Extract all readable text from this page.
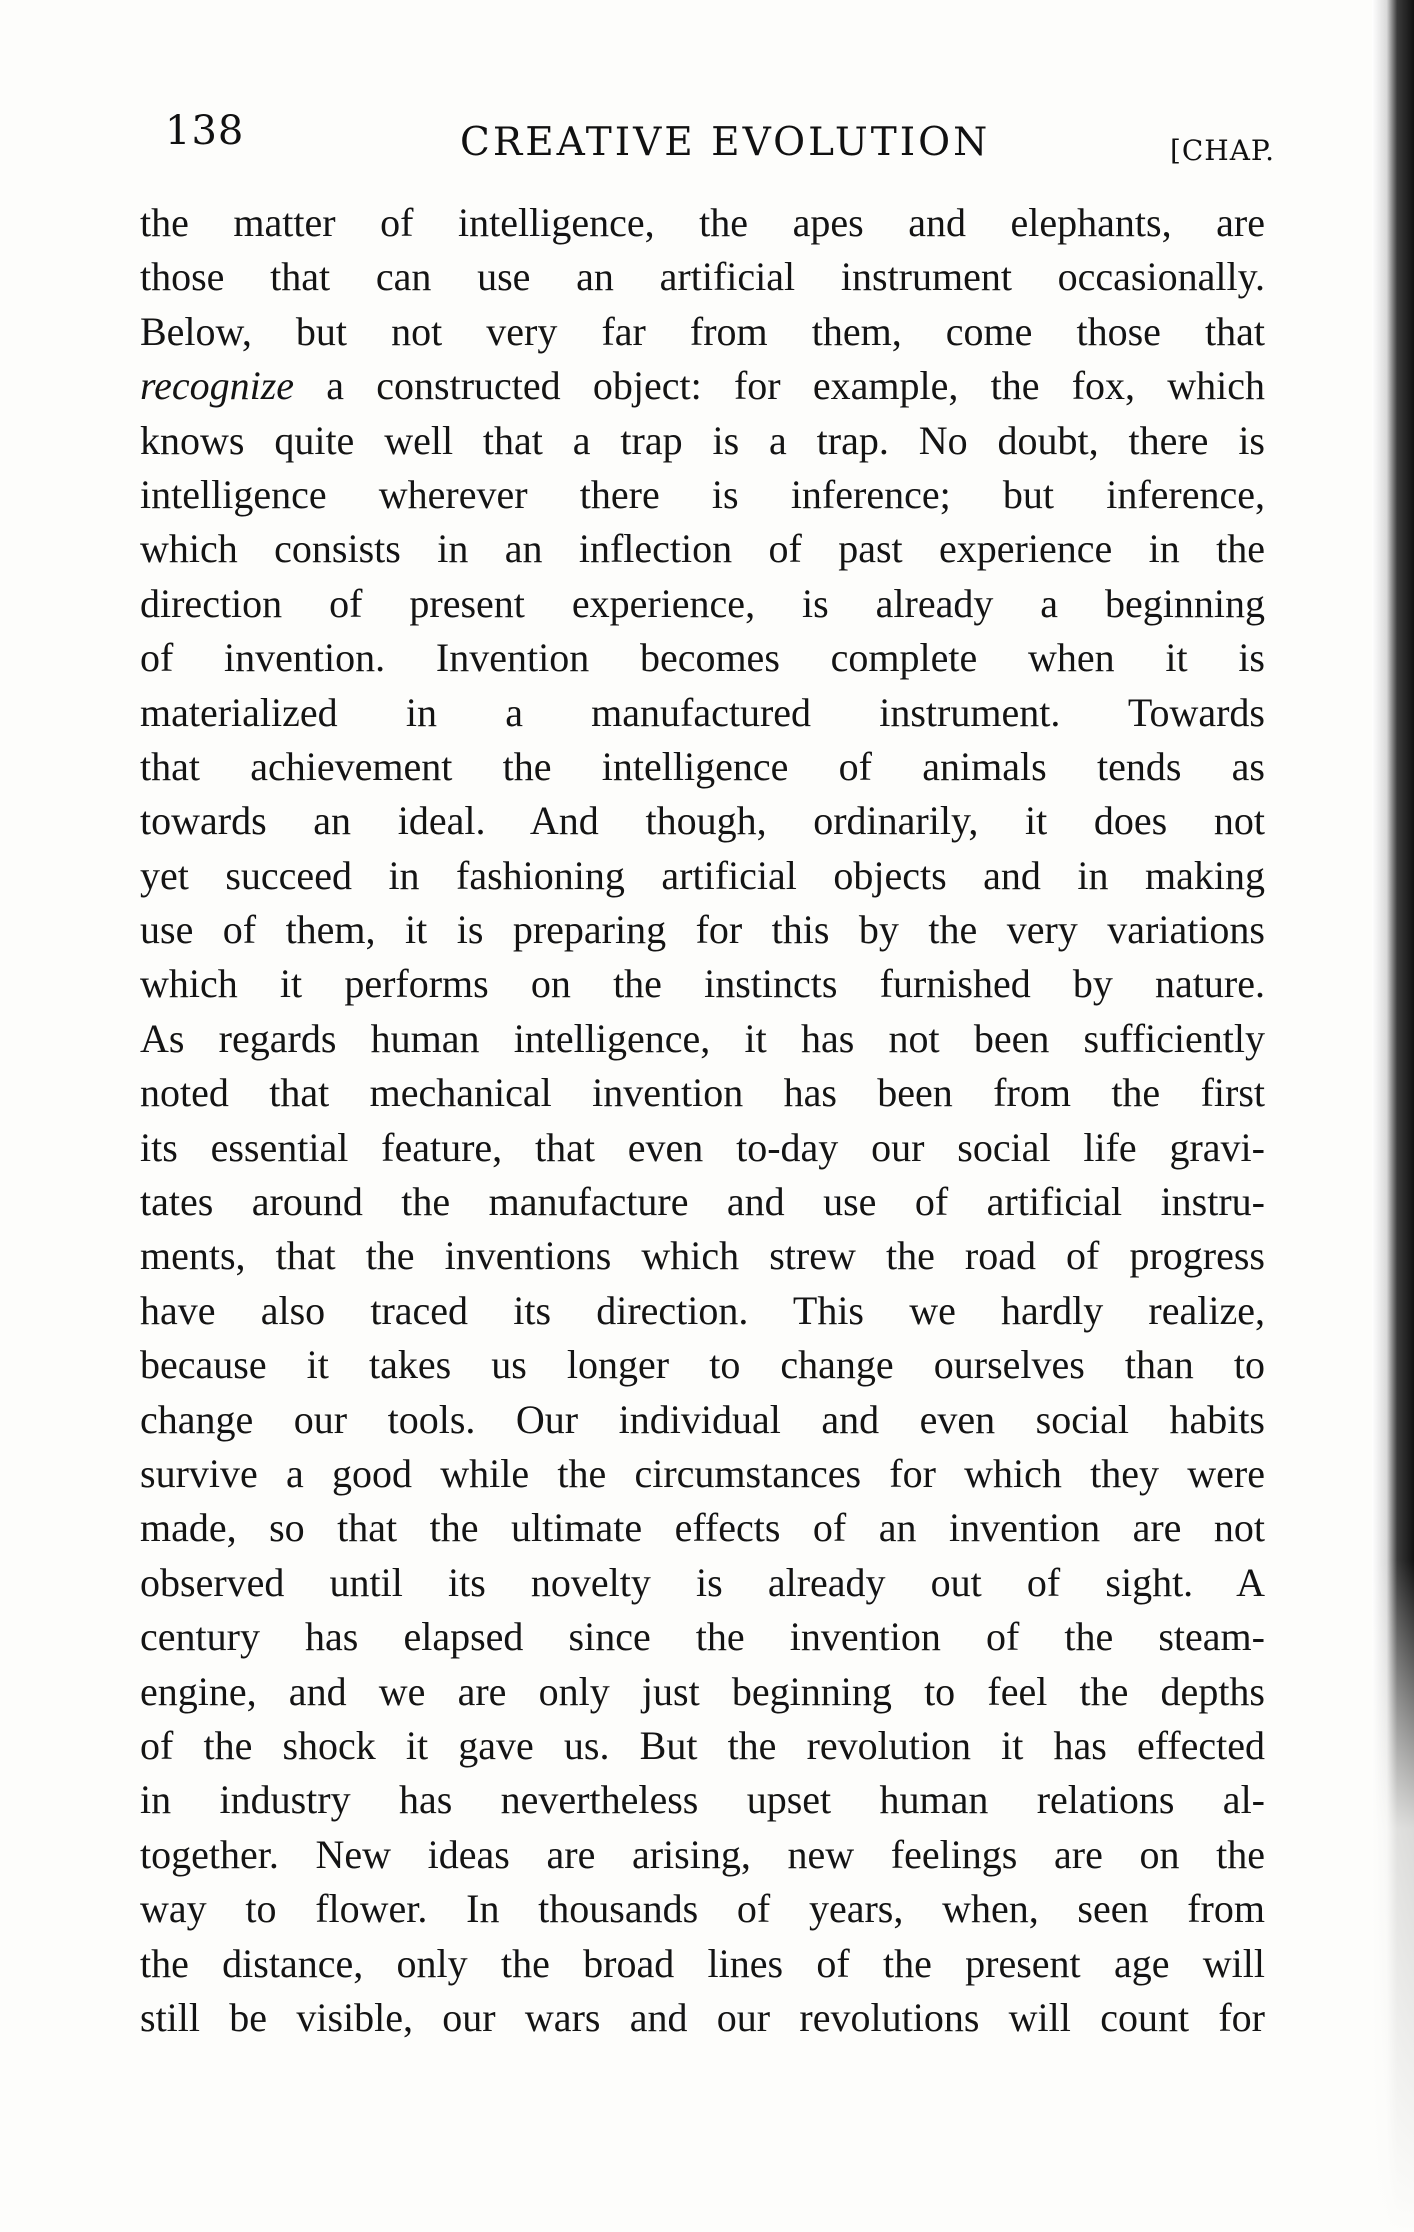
138	CREATIVE EVOLUTION	[CHAP.
the matter of intelligence, the apes and elephants, are
those that can use an artificial instrument occasionally.
Below, but not very far from them, come those that
recognize a constructed object: for example, the fox, which
knows quite well that a trap is a trap. No doubt, there is
intelligence wherever there is inference; but inference,
which consists in an inflection of past experience in the
direction of present experience, is already a beginning
of invention. Invention becomes complete when it is
materialized in a manufactured instrument. Towards
that achievement the intelligence of animals tends as
towards an ideal. And though, ordinarily, it does not
yet succeed in fashioning artificial objects and in making
use of them, it is preparing for this by the very variations
which it performs on the instincts furnished by nature.
As regards human intelligence, it has not been sufficiently
noted that mechanical invention has been from the first
its essential feature, that even to-day our social life gravi-
tates around the manufacture and use of artificial instru-
ments, that the inventions which strew the road of progress
have also traced its direction. This we hardly realize,
because it takes us longer to change ourselves than to
change our tools. Our individual and even social habits
survive a good while the circumstances for which they were
made, so that the ultimate effects of an invention are not
observed until its novelty is already out of sight. A
century has elapsed since the invention of the steam-
engine, and we are only just beginning to feel the depths
of the shock it gave us. But the revolution it has effected
in industry has nevertheless upset human relations al-
together. New ideas are arising, new feelings are on the
way to flower. In thousands of years, when, seen from
the distance, only the broad lines of the present age will
still be visible, our wars and our revolutions will count for
